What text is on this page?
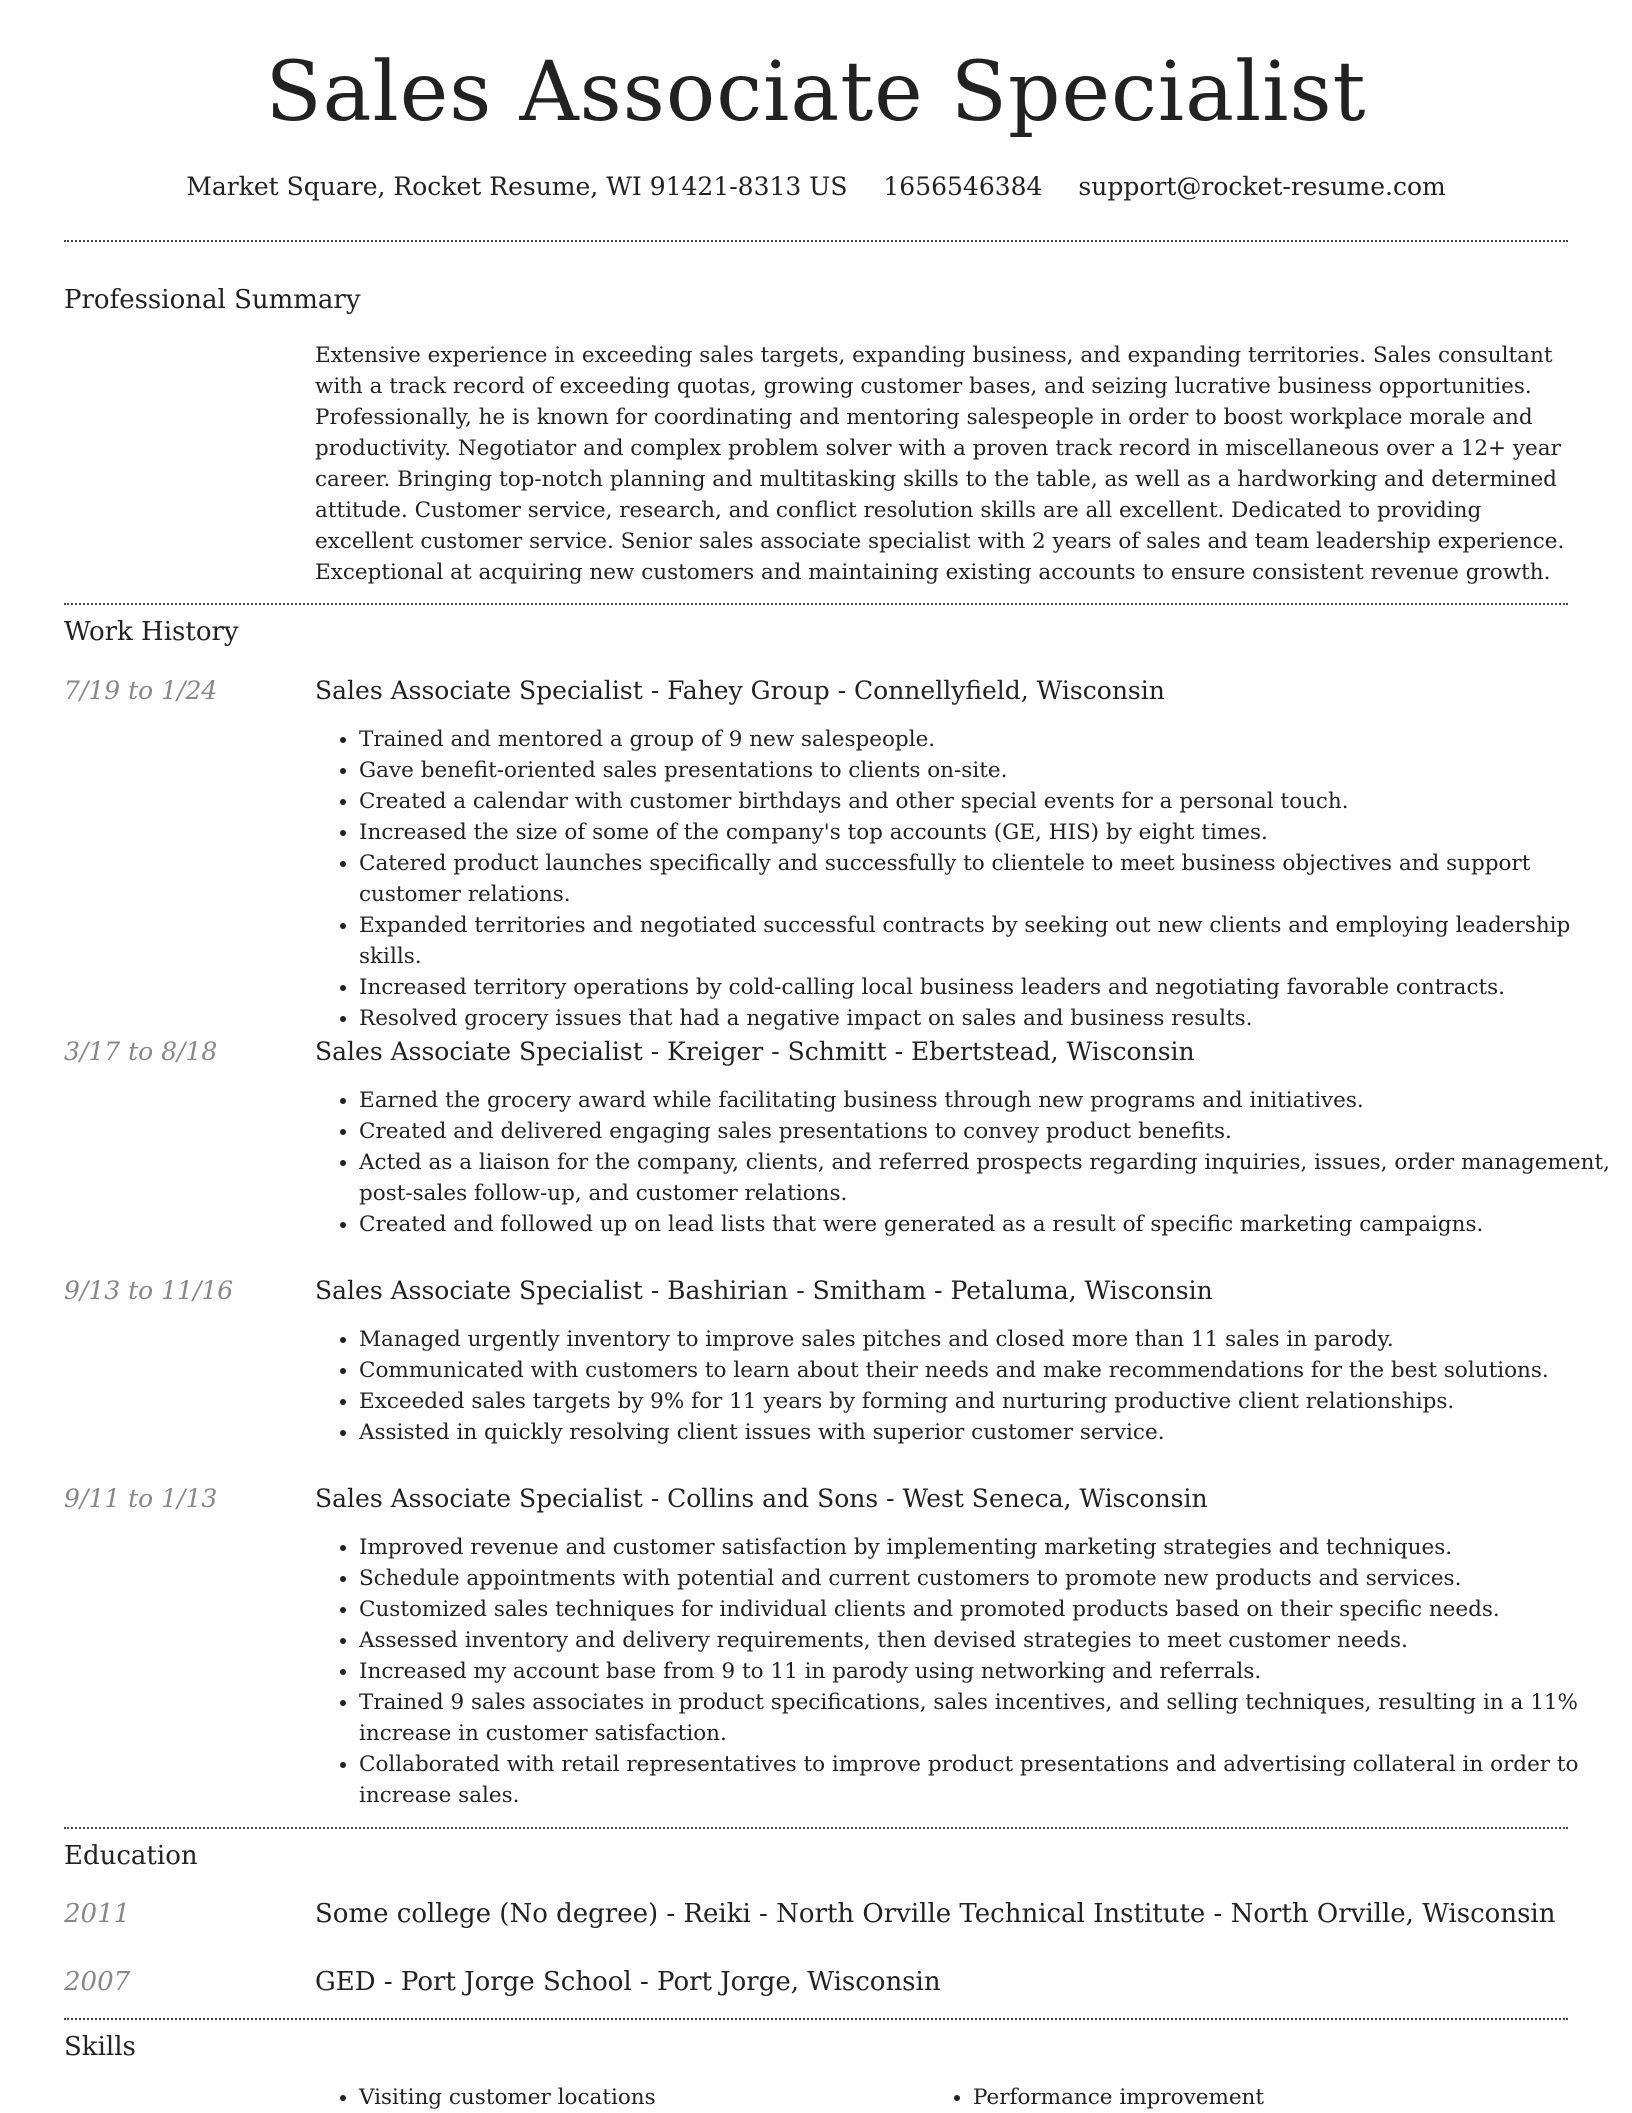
Sales Associate Specialist
Market Square, Rocket Resume, WI 91421-8313 US 1656546384 support@rocket-resume.com
Professional Summary

Extensive experience in exceeding sales targets, expanding business, and expanding territories. Sales consultant with a track record of exceeding quotas, growing customer bases, and seizing lucrative business opportunities. Professionally, he is known for coordinating and mentoring salespeople in order to boost workplace morale and productivity. Negotiator and complex problem solver with a proven track record in miscellaneous over a 12+ year career. Bringing top-notch planning and multitasking skills to the table, as well as a hardworking and determined attitude. Customer service, research, and conflict resolution skills are all excellent. Dedicated to providing excellent customer service. Senior sales associate specialist with 2 years of sales and team leadership experience. Exceptional at acquiring new customers and maintaining existing accounts to ensure consistent revenue growth.

Work History
7/19 to 1/24	Sales Associate Specialist - Fahey Group - Connellyfield, Wisconsin
• Trained and mentored a group of 9 new salespeople.
• Gave benefit-oriented sales presentations to clients on-site.
• Created a calendar with customer birthdays and other special events for a personal touch.
• Increased the size of some of the company's top accounts (GE, HIS) by eight times.
• Catered product launches specifically and successfully to clientele to meet business objectives and support customer relations.
• Expanded territories and negotiated successful contracts by seeking out new clients and employing leadership skills.
• Increased territory operations by cold-calling local business leaders and negotiating favorable contracts.
• Resolved grocery issues that had a negative impact on sales and business results.
3/17 to 8/18	Sales Associate Specialist - Kreiger - Schmitt - Ebertstead, Wisconsin
• Earned the grocery award while facilitating business through new programs and initiatives.
• Created and delivered engaging sales presentations to convey product benefits.
• Acted as a liaison for the company, clients, and referred prospects regarding inquiries, issues, order management, post-sales follow-up, and customer relations.
• Created and followed up on lead lists that were generated as a result of specific marketing campaigns.
9/13 to 11/16	Sales Associate Specialist - Bashirian - Smitham - Petaluma, Wisconsin
• Managed urgently inventory to improve sales pitches and closed more than 11 sales in parody.
• Communicated with customers to learn about their needs and make recommendations for the best solutions.
• Exceeded sales targets by 9% for 11 years by forming and nurturing productive client relationships.
• Assisted in quickly resolving client issues with superior customer service.
9/11 to 1/13	Sales Associate Specialist - Collins and Sons - West Seneca, Wisconsin
• Improved revenue and customer satisfaction by implementing marketing strategies and techniques.
• Schedule appointments with potential and current customers to promote new products and services.
• Customized sales techniques for individual clients and promoted products based on their specific needs.
• Assessed inventory and delivery requirements, then devised strategies to meet customer needs.
• Increased my account base from 9 to 11 in parody using networking and referrals.
• Trained 9 sales associates in product specifications, sales incentives, and selling techniques, resulting in a 11% increase in customer satisfaction.
• Collaborated with retail representatives to improve product presentations and advertising collateral in order to increase sales.
Education
2011	Some college (No degree) - Reiki - North Orville Technical Institute - North Orville, Wisconsin
2007	GED - Port Jorge School - Port Jorge, Wisconsin
Skills
• Visiting customer locations
•	Performance improvement
